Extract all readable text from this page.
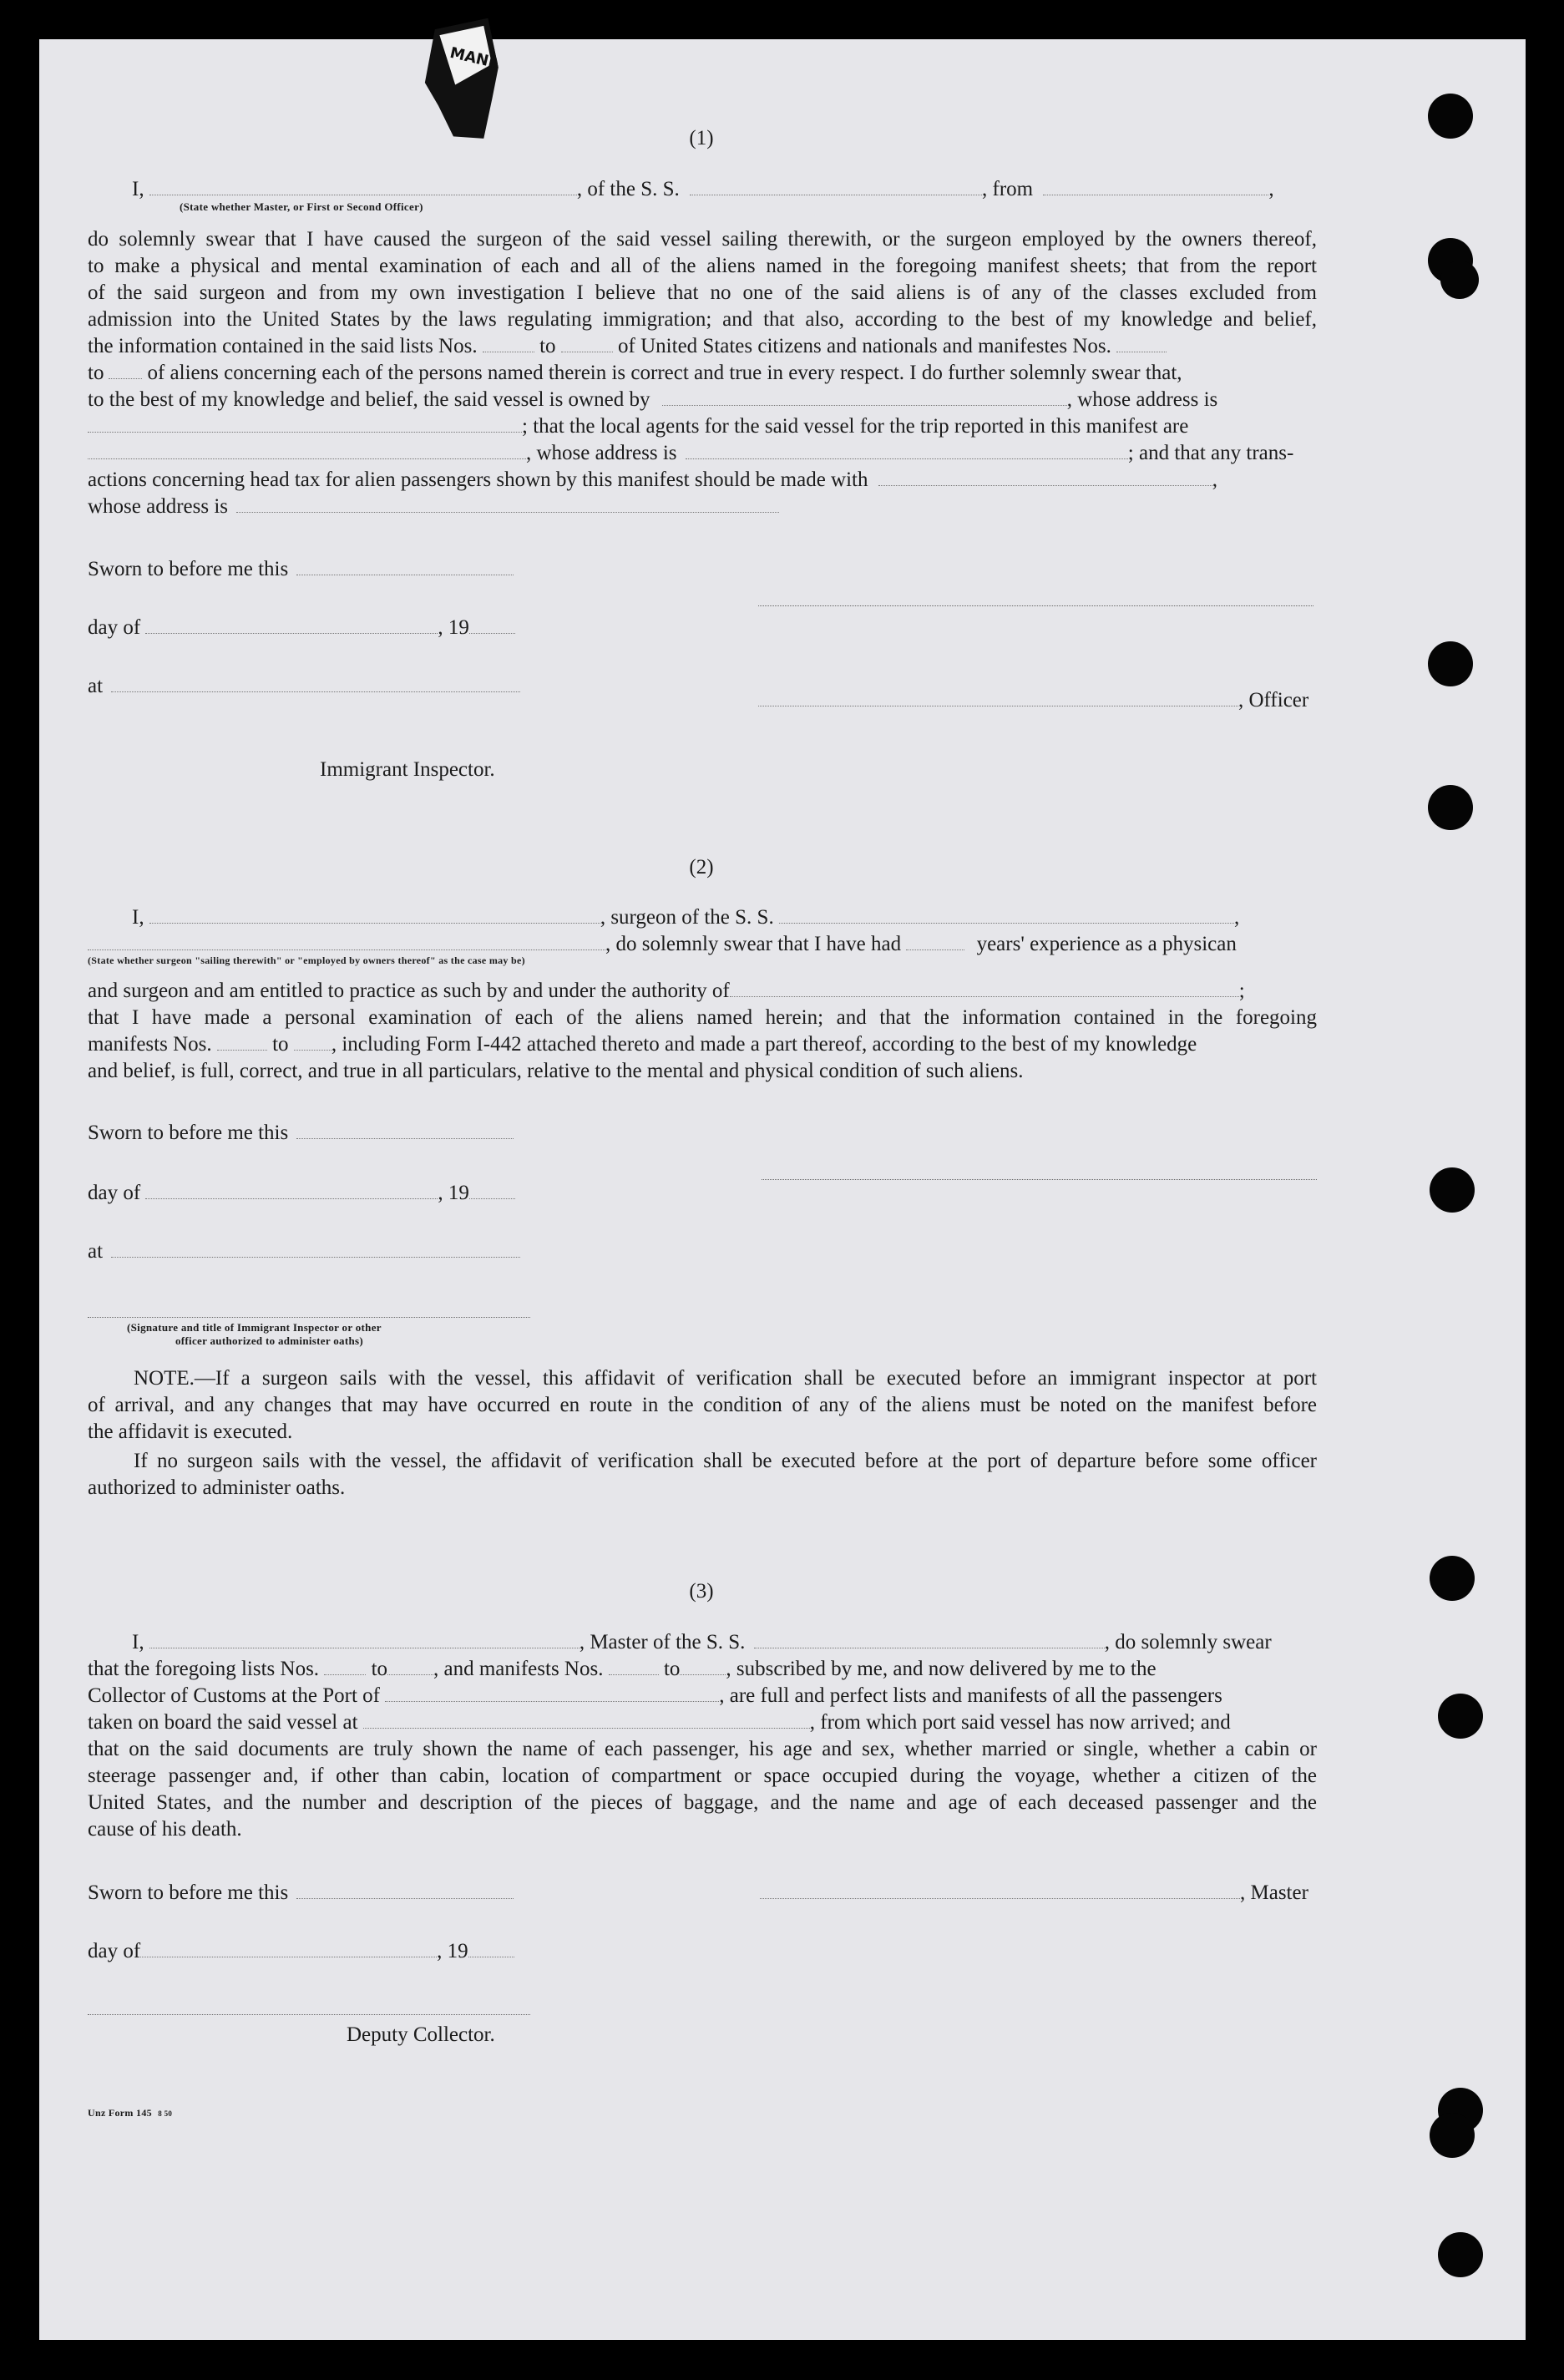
MANIF
(1)
I,	, of the S. S.	, from	,
(State whether Master, or First or Second Officer)
do solemnly swear that I have caused the surgeon of the said vessel sailing therewith, or the surgeon employed by the owners thereof,
to make a physical and mental examination of each and all of the aliens named in the foregoing manifest sheets; that from the report
of the said surgeon and from my own investigation I believe that no one of the said aliens is of any of the classes excluded from
admission into the United States by the laws regulating immigration; and that also, according to the best of my knowledge and belief,
the information contained in the said lists Nos.	to	of United States citizens and nationals and manifestes Nos.
to of aliens concerning each of the persons named therein is correct and true in every respect. I do further solemnly swear that,
to the best of my knowledge and belief, the said vessel is owned by	, whose address is
; that the local agents for the said vessel for the trip reported in this manifest are
, whose address is	; and that any trans-
actions concerning head tax for alien passengers shown by this manifest should be made with	,
whose address is
Sworn to before me this
day of	, 19
at
, Officer
Immigrant Inspector.
(2)
I,	, surgeon of the S. S.	,
, do solemnly swear that I have had	years' experience as a physican
(State whether surgeon "sailing therewith" or "employed by owners thereof" as the case may be)
and surgeon and am entitled to practice as such by and under the authority of	;
that I have made a personal examination of each of the aliens named herein; and that the information contained in the foregoing
manifests Nos.	to , including Form I-442 attached thereto and made a part thereof, according to the best of my knowledge
and belief, is full, correct, and true in all particulars, relative to the mental and physical condition of such aliens.
Sworn to before me this
day of	, 19
at
(Signature and title of Immigrant Inspector or other
officer authorized to administer oaths)
NOTE.—If a surgeon sails with the vessel, this affidavit of verification shall be executed before an immigrant inspector at port
of arrival, and any changes that may have occurred en route in the condition of any of the aliens must be noted on the manifest before
the affidavit is executed.
If no surgeon sails with the vessel, the affidavit of verification shall be executed before at the port of departure before some officer
authorized to administer oaths.
(3)
I,	, Master of the S. S.	, do solemnly swear
that the foregoing lists Nos.	to , and manifests Nos.	to , subscribed by me, and now delivered by me to the
Collector of Customs at the Port of	, are full and perfect lists and manifests of all the passengers
taken on board the said vessel at	, from which port said vessel has now arrived; and
that on the said documents are truly shown the name of each passenger, his age and sex, whether married or single, whether a cabin or
steerage passenger and, if other than cabin, location of compartment or space occupied during the voyage, whether a citizen of the
United States, and the number and description of the pieces of baggage, and the name and age of each deceased passenger and the
cause of his death.
Sworn to before me this	, Master
day of	, 19
Deputy Collector.
Unz Form 145 8 50
